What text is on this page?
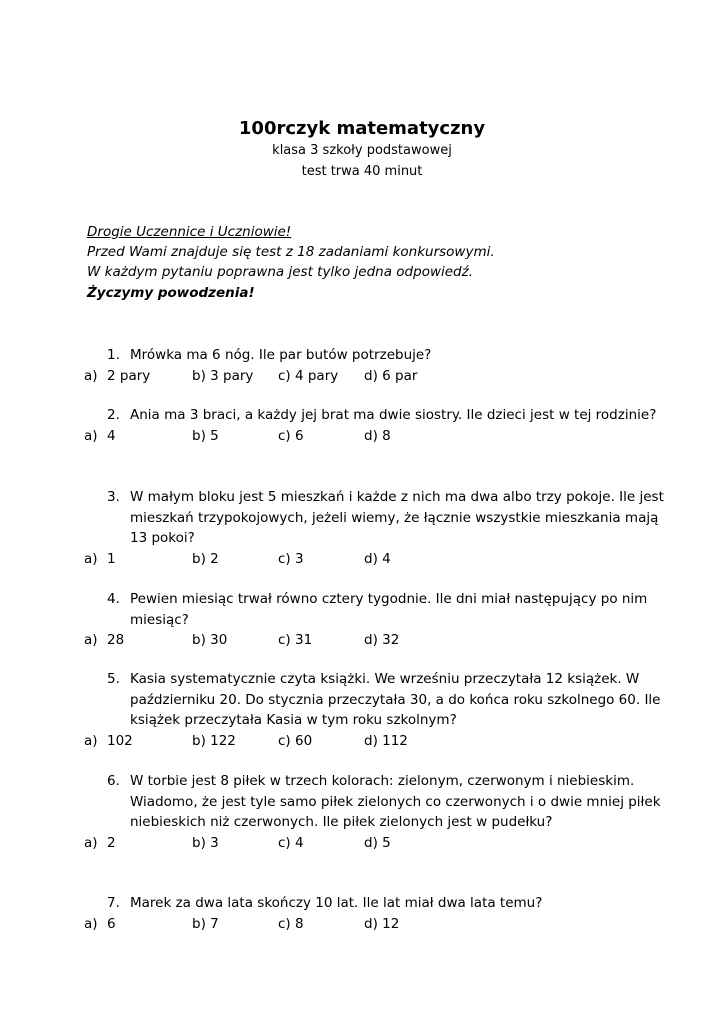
100rczyk matematyczny
klasa 3 szkoły podstawowej
test trwa 40 minut
Drogie Uczennice i Uczniowie!
Przed Wami znajduje się test z 18 zadaniami konkursowymi.
W każdym pytaniu poprawna jest tylko jedna odpowiedź.
Życzymy powodzenia!
1. Mrówka ma 6 nóg. Ile par butów potrzebuje?
a) 2 pary	b) 3 pary	c) 4 pary	d) 6 par
2. Ania ma 3 braci, a każdy jej brat ma dwie siostry. Ile dzieci jest w tej rodzinie?
a) 4	b) 5	c) 6	d) 8
3. W małym bloku jest 5 mieszkań i każde z nich ma dwa albo trzy pokoje. Ile jest mieszkań trzypokojowych, jeżeli wiemy, że łącznie wszystkie mieszkania mają 13 pokoi?
a) 1	b) 2	c) 3	d) 4
4. Pewien miesiąc trwał równo cztery tygodnie. Ile dni miał następujący po nim miesiąc?
a) 28	b) 30	c) 31	d) 32
5. Kasia systematycznie czyta książki. We wrześniu przeczytała 12 książek. W październiku 20. Do stycznia przeczytała 30, a do końca roku szkolnego 60. Ile książek przeczytała Kasia w tym roku szkolnym?
a) 102	b) 122	c) 60	d) 112
6. W torbie jest 8 piłek w trzech kolorach: zielonym, czerwonym i niebieskim. Wiadomo, że jest tyle samo piłek zielonych co czerwonych i o dwie mniej piłek niebieskich niż czerwonych. Ile piłek zielonych jest w pudełku?
a) 2	b) 3	c) 4	d) 5
7. Marek za dwa lata skończy 10 lat. Ile lat miał dwa lata temu?
a) 6	b) 7	c) 8	d) 12
